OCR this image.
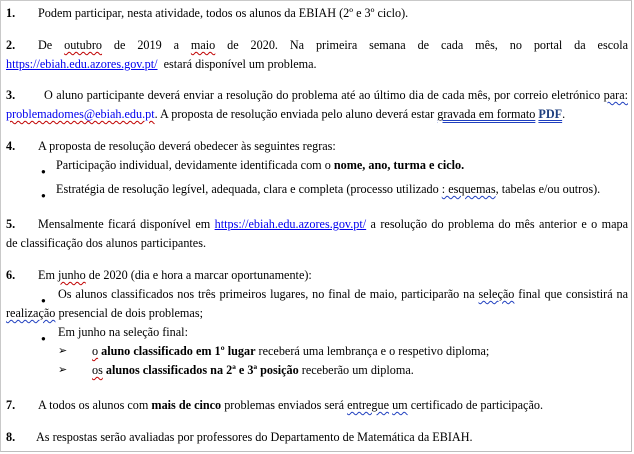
1. Podem participar, nesta atividade, todos os alunos da EBIAH (2º e 3º ciclo).
2. De outubro de 2019 a maio de 2020. Na primeira semana de cada mês, no portal da escola
https://ebiah.edu.azores.gov.pt/ estará disponível um problema.
3. O aluno participante deverá enviar a resolução do problema até ao último dia de cada mês, por correio eletrónico para:
problemadomes@ebiah.edu.pt. A proposta de resolução enviada pelo aluno deverá estar gravada em formato PDF.
4. A proposta de resolução deverá obedecer às seguintes regras:
● Participação individual, devidamente identificada com o nome, ano, turma e ciclo.
● Estratégia de resolução legível, adequada, clara e completa (processo utilizado : esquemas, tabelas e/ou outros).
5. Mensalmente ficará disponível em https://ebiah.edu.azores.gov.pt/ a resolução do problema do mês anterior e o mapa
de classificação dos alunos participantes.
6. Em junho de 2020 (dia e hora a marcar oportunamente):
● Os alunos classificados nos três primeiros lugares, no final de maio, participarão na seleção final que consistirá na
realização presencial de dois problemas;
● Em junho na seleção final:
➢ o aluno classificado em 1º lugar receberá uma lembrança e o respetivo diploma;
➢ os alunos classificados na 2ª e 3ª posição receberão um diploma.
7. A todos os alunos com mais de cinco problemas enviados será entregue um certificado de participação.
8. As respostas serão avaliadas por professores do Departamento de Matemática da EBIAH.
